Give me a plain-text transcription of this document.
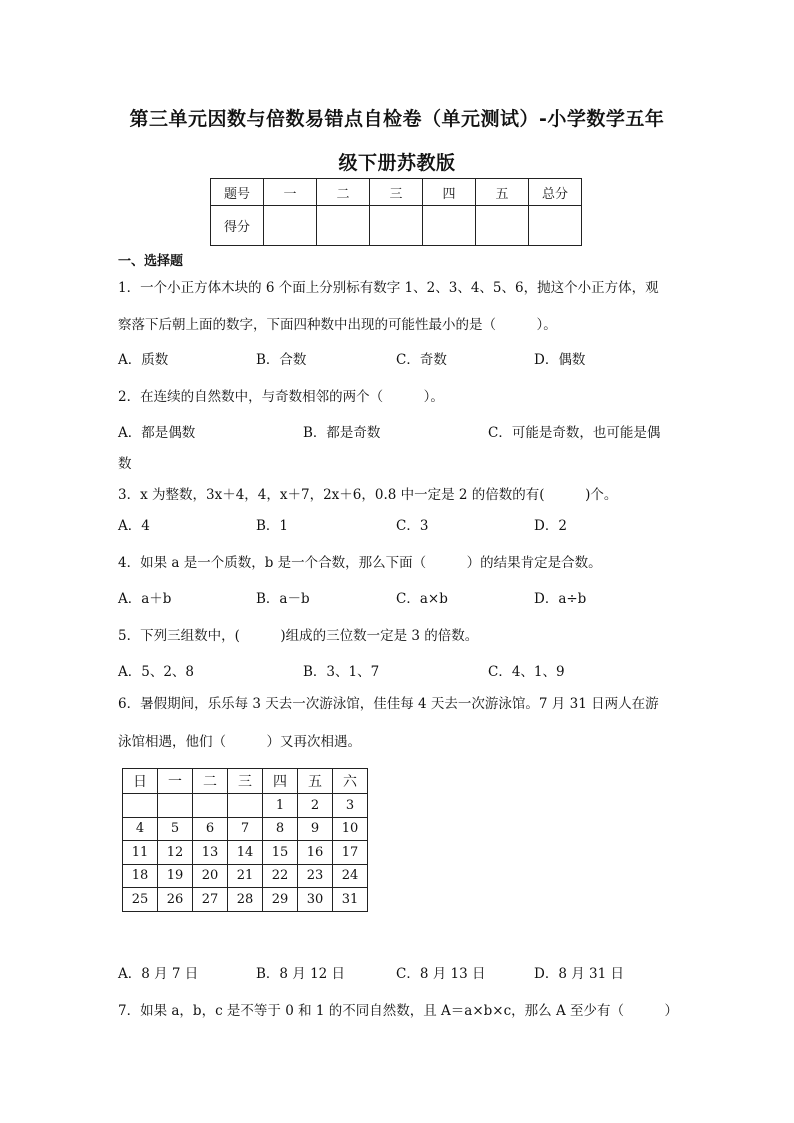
第三单元因数与倍数易错点自检卷（单元测试）-小学数学五年
级下册苏教版
题号	一	二	三	四	五	总分
得分						
一、选择题
1．一个小正方体木块的 6 个面上分别标有数字 1、2、3、4、5、6，抛这个小正方体，观
察落下后朝上面的数字，下面四种数中出现的可能性最小的是（　　　）。
A．质数	B．合数	C．奇数	D．偶数
2．在连续的自然数中，与奇数相邻的两个（　　　）。
A．都是偶数	B．都是奇数	C．可能是奇数，也可能是偶
数
3．x 为整数，3x＋4，4，x＋7，2x＋6，0.8 中一定是 2 的倍数的有(　　　)个。
A．4	B．1	C．3	D．2
4．如果 a 是一个质数，b 是一个合数，那么下面（　　　）的结果肯定是合数。
A．a＋b	B．a－b	C．a×b	D．a÷b
5．下列三组数中，(　　　)组成的三位数一定是 3 的倍数。
A．5、2、8	B．3、1、7	C．4、1、9
6．暑假期间，乐乐每 3 天去一次游泳馆，佳佳每 4 天去一次游泳馆。7 月 31 日两人在游
泳馆相遇，他们（　　　）又再次相遇。
日	一	二	三	四	五	六
				1	2	3
4	5	6	7	8	9	10
11	12	13	14	15	16	17
18	19	20	21	22	23	24
25	26	27	28	29	30	31
A．8 月 7 日	B．8 月 12 日	C．8 月 13 日	D．8 月 31 日
7．如果 a，b，c 是不等于 0 和 1 的不同自然数，且 A＝a×b×c，那么 A 至少有（　　　）
